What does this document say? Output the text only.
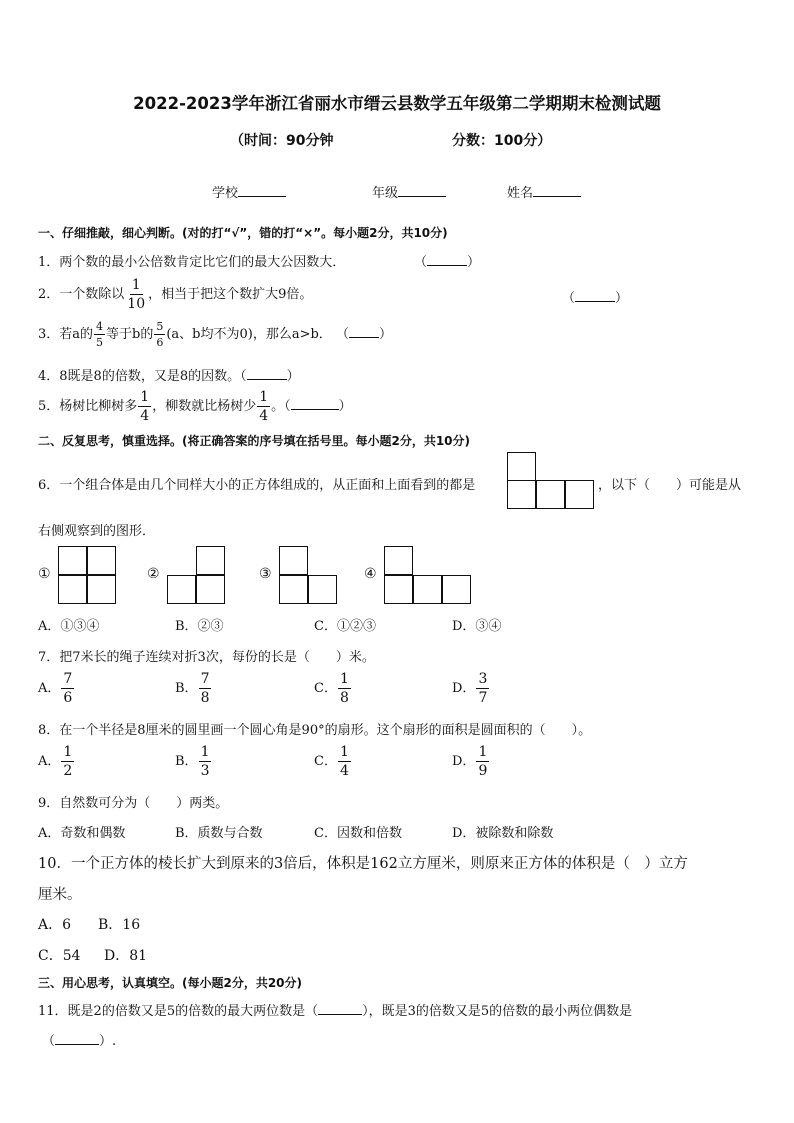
2022-2023学年浙江省丽水市缙云县数学五年级第二学期期末检测试题
（时间：90分钟	分数：100分）
学校	年级	姓名
一、仔细推敲，细心判断。(对的打“√”，错的打“×”。每小题2分，共10分)
1．两个数的最小公倍数肯定比它们的最大公因数大．	（	）
2．一个数除以 $\frac{1}{10}$ ，相当于把这个数扩大9倍。	（	）
3．若a的 $\frac{4}{5}$ 等于b的 $\frac{5}{6} (a$、b均不为0)，那么a>b． （ ）
4．8既是8的倍数，又是8的因数。（	）
5．杨树比柳树多 $\frac{1}{4}$ ，柳数就比杨树少 $\frac{1}{4}$ 。（	）
二、反复思考，慎重选择。(将正确答案的序号填在括号里。每小题2分，共10分)
6．一个组合体是由几个同样大小的正方体组成的，从正面和上面看到的都是	，以下（　　）可能是从
右侧观察到的图形．
①	②	③	④
A．①③④	B．②③	C．①②③	D．③④
7．把7米长的绳子连续对折3次，每份的长是（　　）米。
A． $\frac{7}{6}$	B． $\frac{7}{8}$	C． $\frac{1}{8}$	D． $\frac{3}{7}$
8．在一个半径是8厘米的圆里画一个圆心角是90°的扇形。这个扇形的面积是圆面积的（　　）。
A． $\frac{1}{2}$	B． $\frac{1}{3}$	C． $\frac{1}{4}$	D． $\frac{1}{9}$
9．自然数可分为（　　）两类。
A．奇数和偶数	B．质数与合数	C．因数和倍数	D．被除数和除数
10．一个正方体的棱长扩大到原来的3倍后，体积是162立方厘米，则原来正方体的体积是（　）立方
厘米。
A．6 B．16
C．54 D．81
三、用心思考，认真填空。(每小题2分，共20分)
11．既是2的倍数又是5的倍数的最大两位数是（	），既是3的倍数又是5的倍数的最小两位偶数是
（	）.
